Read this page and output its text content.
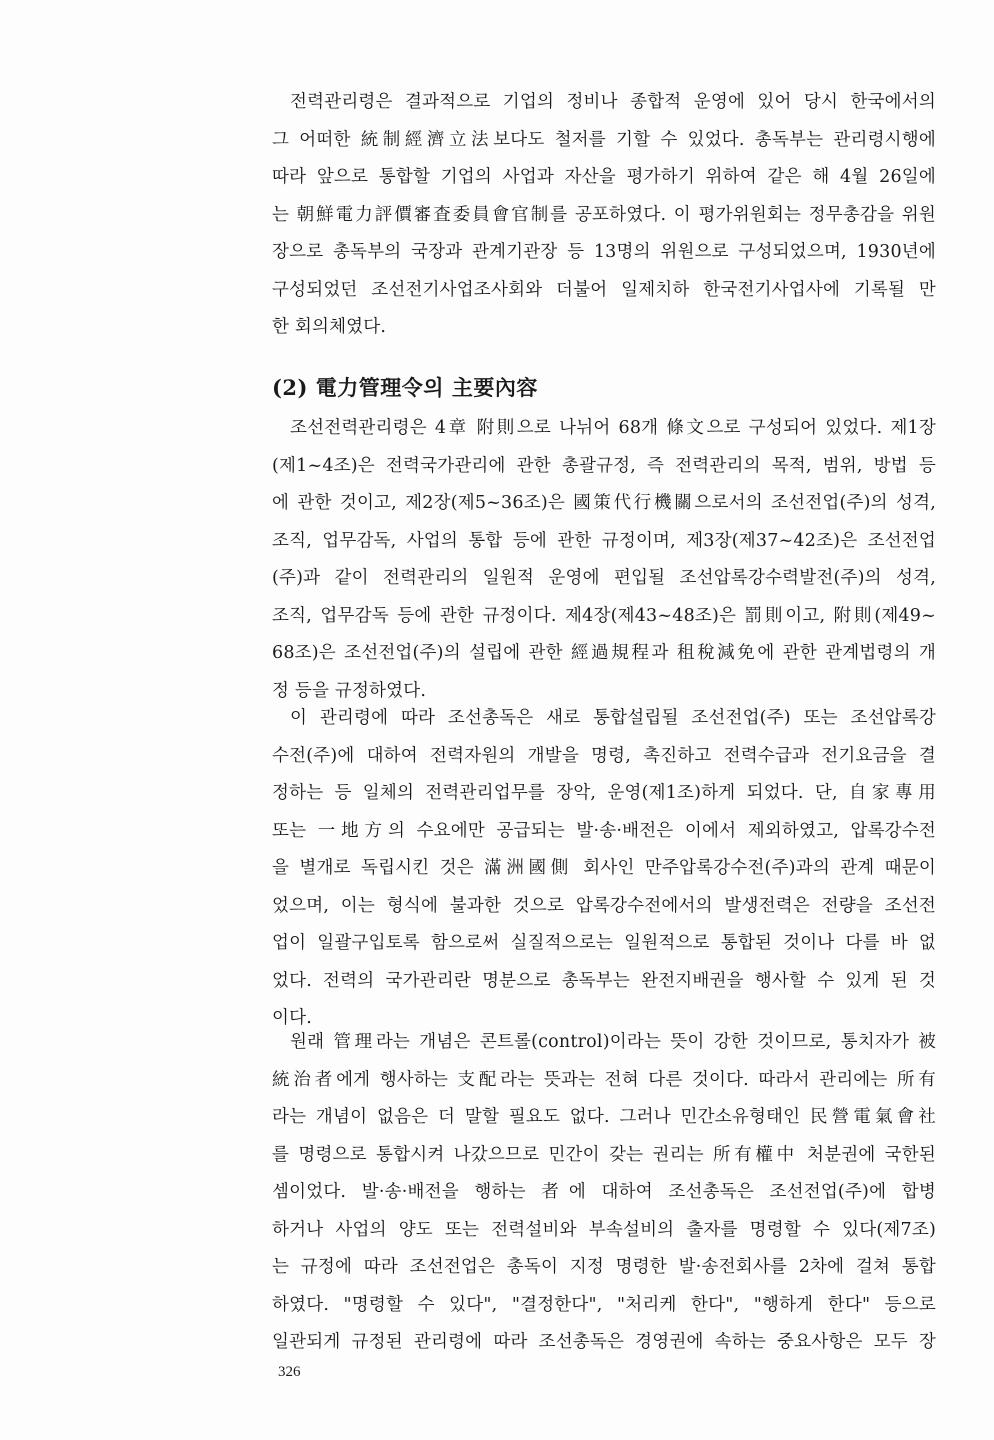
전력관리령은 결과적으로 기업의 정비나 종합적 운영에 있어 당시 한국에서의
그 어떠한 統制經濟立法보다도 철저를 기할 수 있었다. 총독부는 관리령시행에
따라 앞으로 통합할 기업의 사업과 자산을 평가하기 위하여 같은 해 4월 26일에
는 朝鮮電力評價審査委員會官制를 공포하였다. 이 평가위원회는 정무총감을 위원
장으로 총독부의 국장과 관계기관장 등 13명의 위원으로 구성되었으며, 1930년에
구성되었던 조선전기사업조사회와 더불어 일제치하 한국전기사업사에 기록될 만
한 회의체였다.
(2) 電力管理令의 主要內容
조선전력관리령은 4章 附則으로 나뉘어 68개 條文으로 구성되어 있었다. 제1장
(제1~4조)은 전력국가관리에 관한 총괄규정, 즉 전력관리의 목적, 범위, 방법 등
에 관한 것이고, 제2장(제5~36조)은 國策代行機關으로서의 조선전업(주)의 성격,
조직, 업무감독, 사업의 통합 등에 관한 규정이며, 제3장(제37~42조)은 조선전업
(주)과 같이 전력관리의 일원적 운영에 편입될 조선압록강수력발전(주)의 성격,
조직, 업무감독 등에 관한 규정이다. 제4장(제43~48조)은 罰則이고, 附則(제49~
68조)은 조선전업(주)의 설립에 관한 經過規程과 租稅減免에 관한 관계법령의 개
정 등을 규정하였다.
이 관리령에 따라 조선총독은 새로 통합설립될 조선전업(주) 또는 조선압록강
수전(주)에 대하여 전력자원의 개발을 명령, 촉진하고 전력수급과 전기요금을 결
정하는 등 일체의 전력관리업무를 장악, 운영(제1조)하게 되었다. 단, 自家專用
또는 一地方의 수요에만 공급되는 발·송·배전은 이에서 제외하였고, 압록강수전
을 별개로 독립시킨 것은 滿洲國側 회사인 만주압록강수전(주)과의 관계 때문이
었으며, 이는 형식에 불과한 것으로 압록강수전에서의 발생전력은 전량을 조선전
업이 일괄구입토록 함으로써 실질적으로는 일원적으로 통합된 것이나 다를 바 없
었다. 전력의 국가관리란 명분으로 총독부는 완전지배권을 행사할 수 있게 된 것
이다.
원래 管理라는 개념은 콘트롤(control)이라는 뜻이 강한 것이므로, 통치자가 被
統治者에게 행사하는 支配라는 뜻과는 전혀 다른 것이다. 따라서 관리에는 所有
라는 개념이 없음은 더 말할 필요도 없다. 그러나 민간소유형태인 民營電氣會社
를 명령으로 통합시켜 나갔으므로 민간이 갖는 권리는 所有權中 처분권에 국한된
셈이었다. 발·송·배전을 행하는 者에 대하여 조선총독은 조선전업(주)에 합병
하거나 사업의 양도 또는 전력설비와 부속설비의 출자를 명령할 수 있다(제7조)
는 규정에 따라 조선전업은 총독이 지정 명령한 발·송전회사를 2차에 걸쳐 통합
하였다. "명령할 수 있다", "결정한다", "처리케 한다", "행하게 한다" 등으로
일관되게 규정된 관리령에 따라 조선총독은 경영권에 속하는 중요사항은 모두 장
326
